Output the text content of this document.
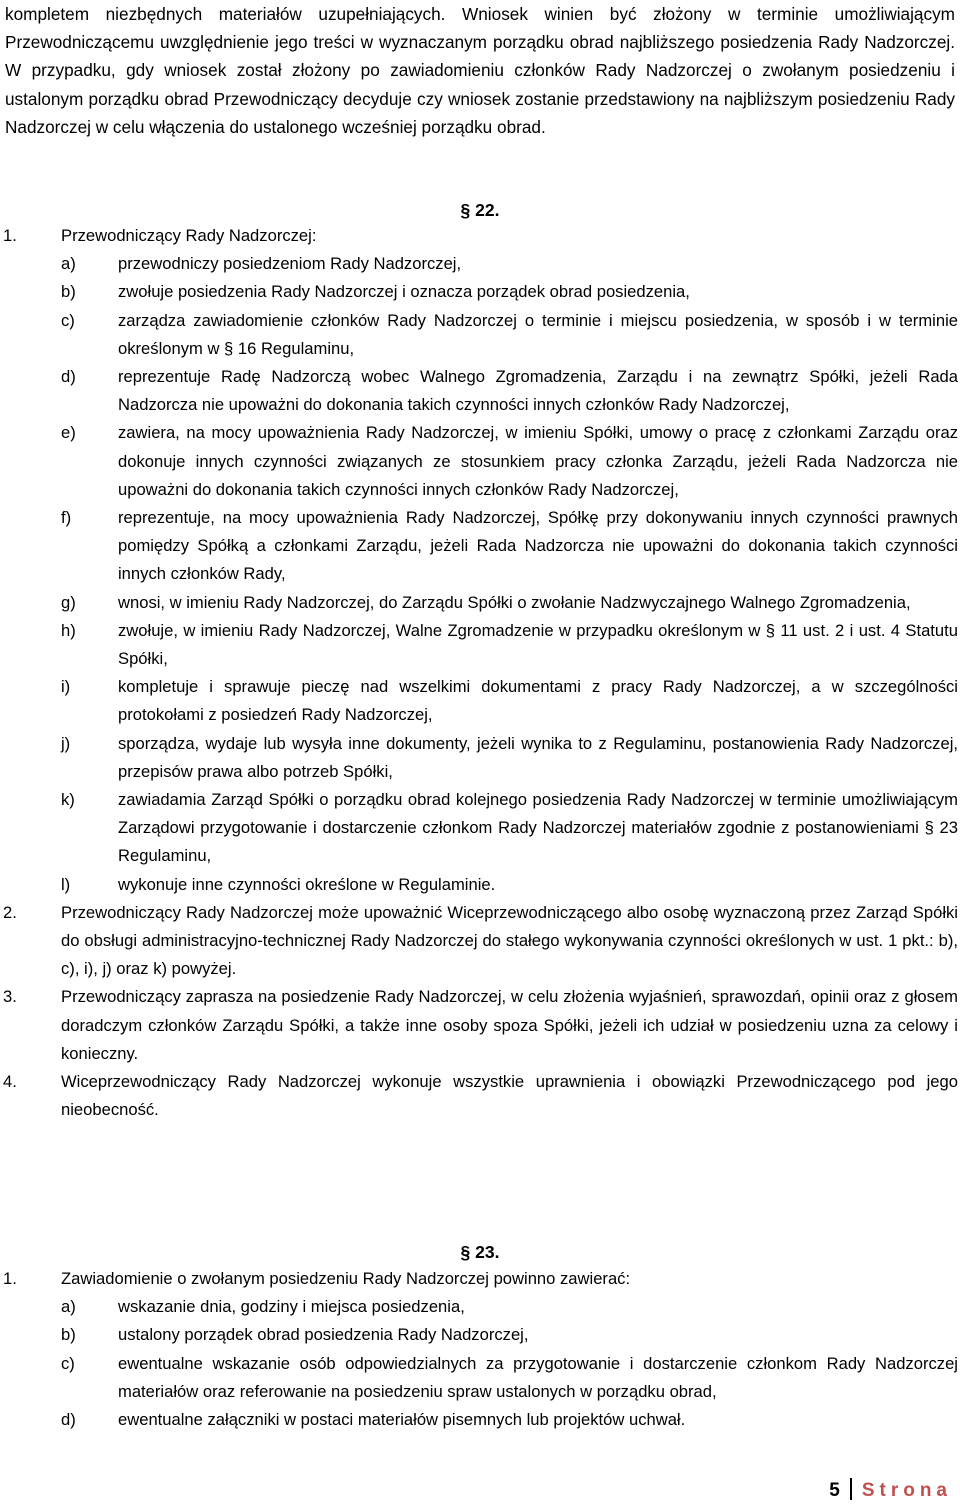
kompletem niezbędnych materiałów uzupełniających. Wniosek winien być złożony w terminie umożliwiającym Przewodniczącemu uwzględnienie jego treści w wyznaczanym porządku obrad najbliższego posiedzenia Rady Nadzorczej. W przypadku, gdy wniosek został złożony po zawiadomieniu członków Rady Nadzorczej o zwołanym posiedzeniu i ustalonym porządku obrad Przewodniczący decyduje czy wniosek zostanie przedstawiony na najbliższym posiedzeniu Rady Nadzorczej w celu włączenia do ustalonego wcześniej porządku obrad.

§ 22.
1.	Przewodniczący Rady Nadzorczej:
a)	przewodniczy posiedzeniom Rady Nadzorczej,
b)	zwołuje posiedzenia Rady Nadzorczej i oznacza porządek obrad posiedzenia,
c)	zarządza zawiadomienie członków Rady Nadzorczej o terminie i miejscu posiedzenia, w sposób i w terminie określonym w § 16 Regulaminu,
d)	reprezentuje Radę Nadzorczą wobec Walnego Zgromadzenia, Zarządu i na zewnątrz Spółki, jeżeli Rada Nadzorcza nie upoważni do dokonania takich czynności innych członków Rady Nadzorczej,
e)	zawiera, na mocy upoważnienia Rady Nadzorczej, w imieniu Spółki, umowy o pracę z członkami Zarządu oraz dokonuje innych czynności związanych ze stosunkiem pracy członka Zarządu, jeżeli Rada Nadzorcza nie upoważni do dokonania takich czynności innych członków Rady Nadzorczej,
f)	reprezentuje, na mocy upoważnienia Rady Nadzorczej, Spółkę przy dokonywaniu innych czynności prawnych pomiędzy Spółką a członkami Zarządu, jeżeli Rada Nadzorcza nie upoważni do dokonania takich czynności innych członków Rady,
g)	wnosi, w imieniu Rady Nadzorczej, do Zarządu Spółki o zwołanie Nadzwyczajnego Walnego Zgromadzenia,
h)	zwołuje, w imieniu Rady Nadzorczej, Walne Zgromadzenie w przypadku określonym w § 11 ust. 2 i ust. 4 Statutu Spółki,
i)	kompletuje i sprawuje pieczę nad wszelkimi dokumentami z pracy Rady Nadzorczej, a w szczególności protokołami z posiedzeń Rady Nadzorczej,
j)	sporządza, wydaje lub wysyła inne dokumenty, jeżeli wynika to z Regulaminu, postanowienia Rady Nadzorczej, przepisów prawa albo potrzeb Spółki,
k)	zawiadamia Zarząd Spółki o porządku obrad kolejnego posiedzenia Rady Nadzorczej w terminie umożliwiającym Zarządowi przygotowanie i dostarczenie członkom Rady Nadzorczej materiałów zgodnie z postanowieniami § 23 Regulaminu,
l)	wykonuje inne czynności określone w Regulaminie.
2.	Przewodniczący Rady Nadzorczej może upoważnić Wiceprzewodniczącego albo osobę wyznaczoną przez Zarząd Spółki do obsługi administracyjno-technicznej Rady Nadzorczej do stałego wykonywania czynności określonych w ust. 1 pkt.: b), c), i), j) oraz k) powyżej.
3.	Przewodniczący zaprasza na posiedzenie Rady Nadzorczej, w celu złożenia wyjaśnień, sprawozdań, opinii oraz z głosem doradczym członków Zarządu Spółki, a także inne osoby spoza Spółki, jeżeli ich udział w posiedzeniu uzna za celowy i konieczny.
4.	Wiceprzewodniczący Rady Nadzorczej wykonuje wszystkie uprawnienia i obowiązki Przewodniczącego pod jego nieobecność.
§ 23.
1.	Zawiadomienie o zwołanym posiedzeniu Rady Nadzorczej powinno zawierać:
a)	wskazanie dnia, godziny i miejsca posiedzenia,
b)	ustalony porządek obrad posiedzenia Rady Nadzorczej,
c)	ewentualne wskazanie osób odpowiedzialnych za przygotowanie i dostarczenie członkom Rady Nadzorczej materiałów oraz referowanie na posiedzeniu spraw ustalonych w porządku obrad,
d)	ewentualne załączniki w postaci materiałów pisemnych lub projektów uchwał.
5 Strona
